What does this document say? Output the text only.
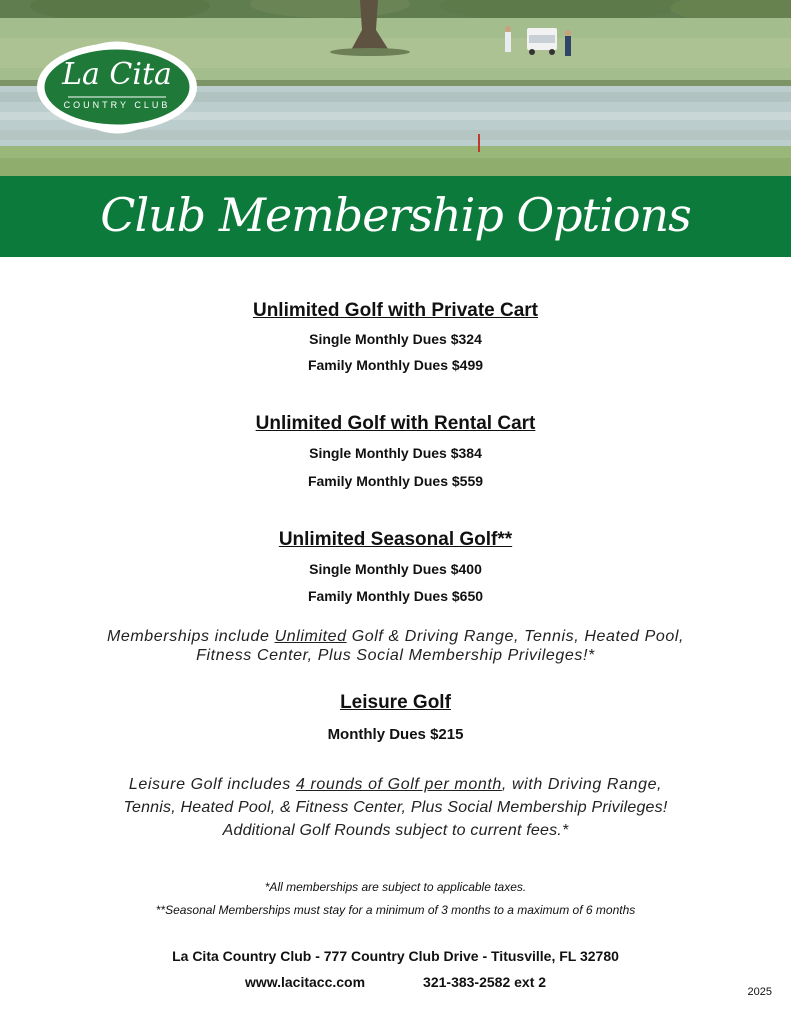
La Cita
COUNTRY CLUB
Club Membership Options
Unlimited Golf with Private Cart
Single Monthly Dues $324
Family Monthly Dues $499
Unlimited Golf with Rental Cart
Single Monthly Dues $384
Family Monthly Dues $559
Unlimited Seasonal Golf**
Single Monthly Dues $400
Family Monthly Dues $650
Memberships include Unlimited Golf & Driving Range, Tennis, Heated Pool,
Fitness Center, Plus Social Membership Privileges!*
Leisure Golf
Monthly Dues $215
Leisure Golf includes 4 rounds of Golf per month, with Driving Range,
Tennis, Heated Pool, & Fitness Center, Plus Social Membership Privileges!
Additional Golf Rounds subject to current fees.*
*All memberships are subject to applicable taxes.
**Seasonal Memberships must stay for a minimum of 3 months to a maximum of 6 months
La Cita Country Club - 777 Country Club Drive - Titusville, FL 32780
www.lacitacc.com	321-383-2582 ext 2
2025
